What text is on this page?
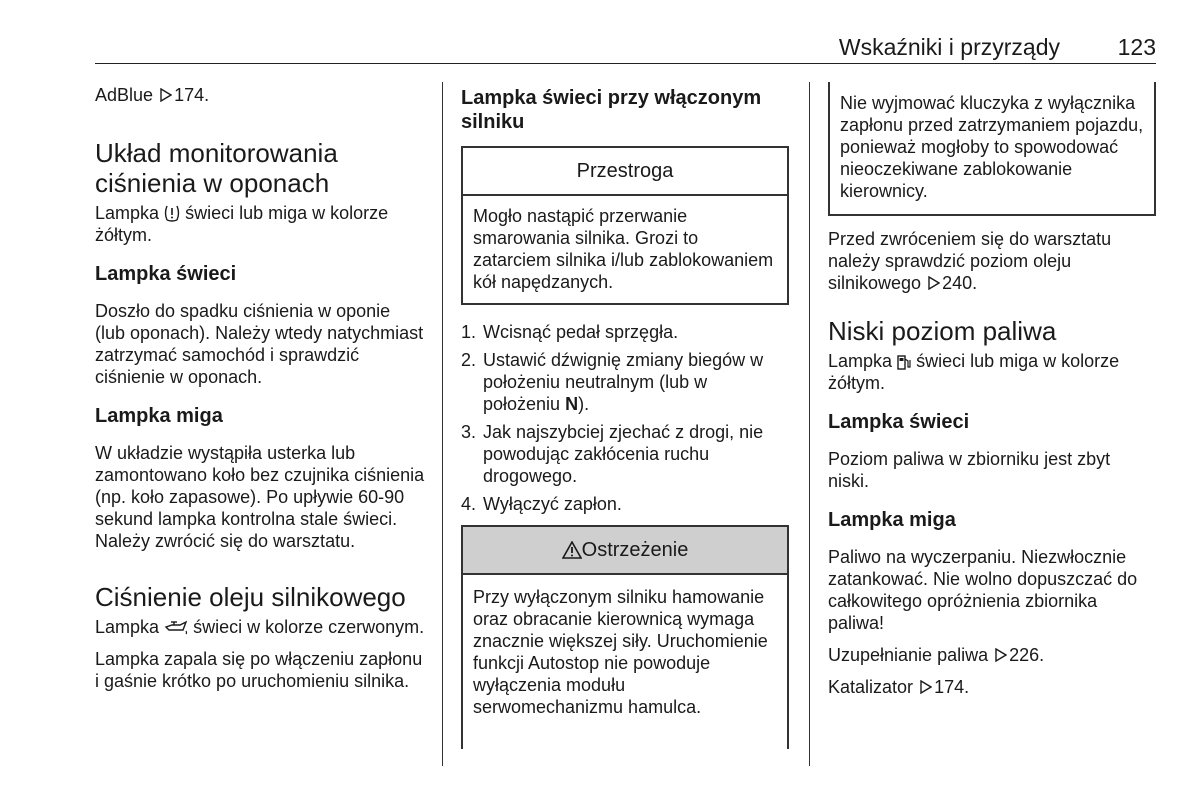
Wskaźniki i przyrządy	123

AdBlue 174.

Układ monitorowania
ciśnienia w oponach

Lampka świeci lub miga w kolorze żółtym.

Lampka świeci

Doszło do spadku ciśnienia w oponie (lub oponach). Należy wtedy natychmiast zatrzymać samochód i sprawdzić ciśnienie w oponach.

Lampka miga

W układzie wystąpiła usterka lub zamontowano koło bez czujnika ciśnienia (np. koło zapasowe). Po upływie 60-90 sekund lampka kontrolna stale świeci. Należy zwrócić się do warsztatu.

Ciśnienie oleju silnikowego

Lampka świeci w kolorze czerwonym.

Lampka zapala się po włączeniu zapłonu i gaśnie krótko po uruchomieniu silnika.

Lampka świeci przy włączonym silniku
Przestroga
Mogło nastąpić przerwanie smarowania silnika. Grozi to zatarciem silnika i/lub zablokowaniem kół napędzanych.
1. Wcisnąć pedał sprzęgła.
2. Ustawić dźwignię zmiany biegów w położeniu neutralnym (lub w położeniu N).
3. Jak najszybciej zjechać z drogi, nie powodując zakłócenia ruchu drogowego.
4. Wyłączyć zapłon.
Ostrzeżenie
Przy wyłączonym silniku hamowanie oraz obracanie kierownicą wymaga znacznie większej siły. Uruchomienie funkcji Autostop nie powoduje wyłączenia modułu serwomechanizmu hamulca.
Nie wyjmować kluczyka z wyłącznika zapłonu przed zatrzymaniem pojazdu, ponieważ mogłoby to spowodować nieoczekiwane zablokowanie kierownicy.

Przed zwróceniem się do warsztatu należy sprawdzić poziom oleju silnikowego 240.

Niski poziom paliwa

Lampka świeci lub miga w kolorze żółtym.

Lampka świeci

Poziom paliwa w zbiorniku jest zbyt niski.

Lampka miga

Paliwo na wyczerpaniu. Niezwłocznie zatankować. Nie wolno dopuszczać do całkowitego opróżnienia zbiornika paliwa!

Uzupełnianie paliwa 226.

Katalizator 174.
